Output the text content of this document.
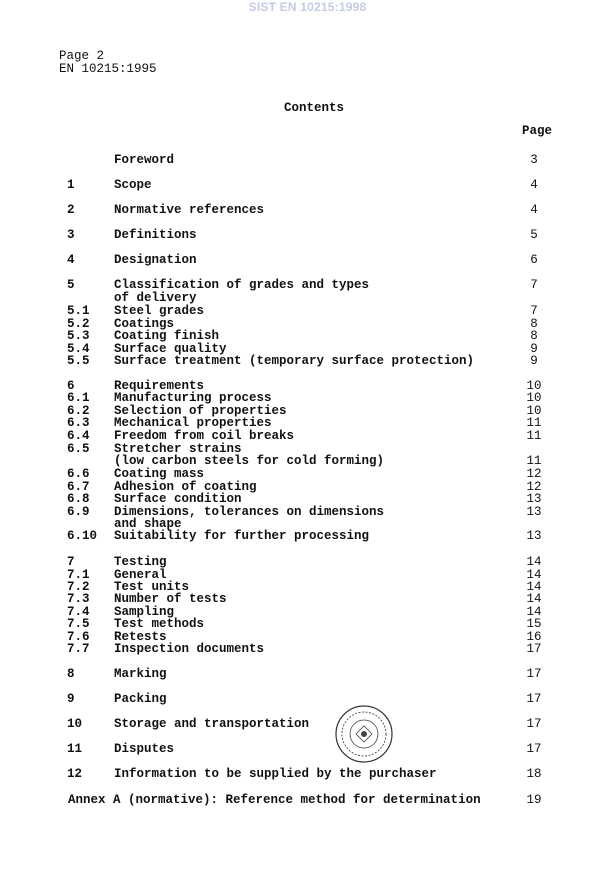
SIST EN 10215:1998
Page 2
EN 10215:1995
Contents
Page
Foreword	3
1	Scope	4
2	Normative references	4
3	Definitions	5
4	Designation	6
5	Classification of grades and types	7
of delivery
5.1 Steel grades	7
5.2 Coatings	8
5.3 Coating finish	8
5.4 Surface quality	9
5.5 Surface treatment (temporary surface protection)	9
6	Requirements	10
6.1 Manufacturing process	10
6.2 Selection of properties	10
6.3 Mechanical properties	11
6.4 Freedom from coil breaks	11
6.5 Stretcher strains
(low carbon steels for cold forming)	11
6.6 Coating mass	12
6.7 Adhesion of coating	12
6.8 Surface condition	13
6.9 Dimensions, tolerances on dimensions	13
and shape
6.10 Suitability for further processing	13
7	Testing	14
7.1 General	14
7.2 Test units	14
7.3 Number of tests	14
7.4 Sampling	14
7.5 Test methods	15
7.6 Retests	16
7.7 Inspection documents	17
8	Marking	17
9	Packing	17
10	Storage and transportation	17
11	Disputes	17
12	Information to be supplied by the purchaser	18
Annex A (normative): Reference method for determination	19
